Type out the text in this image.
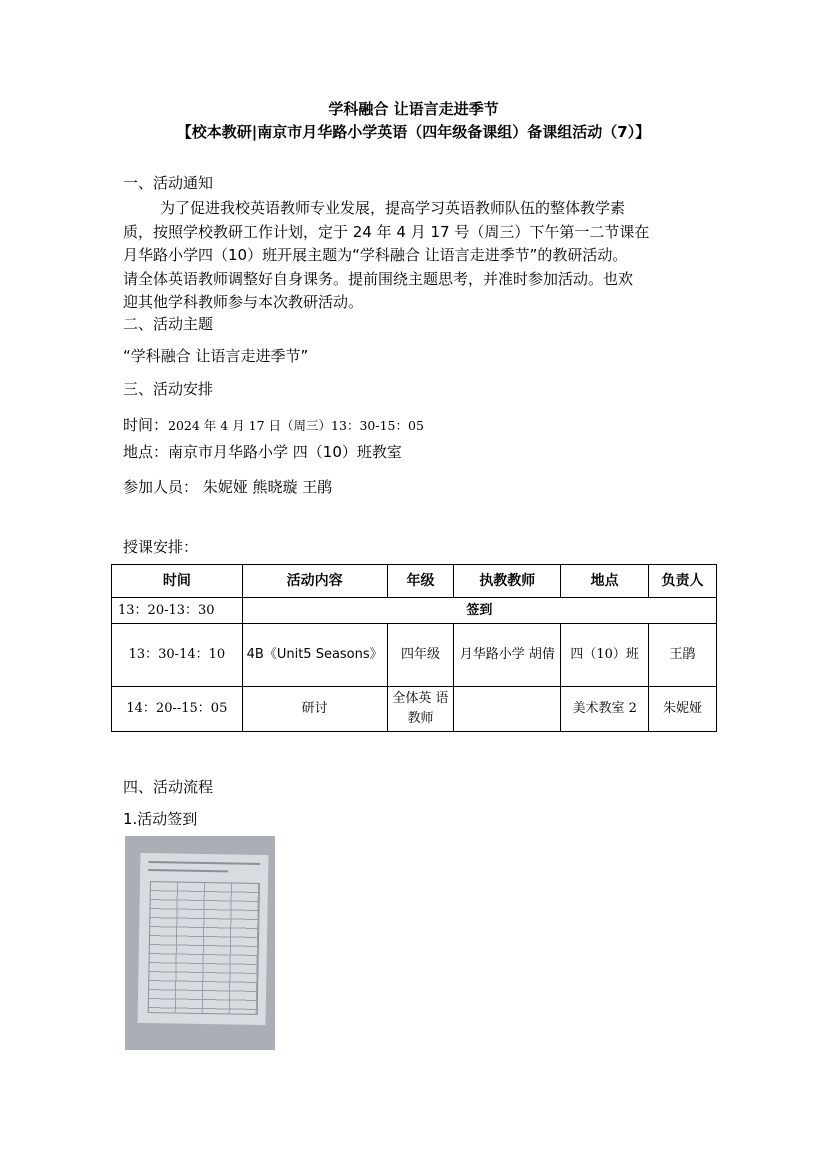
学科融合 让语言走进季节
【校本教研|南京市月华路小学英语（四年级备课组）备课组活动（7）】
一、活动通知

为了促进我校英语教师专业发展，提高学习英语教师队伍的整体教学素

质，按照学校教研工作计划，定于 24 年 4 月 17 号（周三）下午第一二节课在

月华路小学四（10）班开展主题为“学科融合 让语言走进季节”的教研活动。

请全体英语教师调整好自身课务。提前围绕主题思考，并准时参加活动。也欢

迎其他学科教师参与本次教研活动。

二、活动主题
“学科融合 让语言走进季节”
三、活动安排
时间：2024 年 4 月 17 日（周三）13：30-15：05
地点：南京市月华路小学 四（10）班教室
参加人员： 朱妮娅 熊晓璇 王鹃
授课安排：
时间	活动内容	年级	执教教师	地点	负责人
13：20-13：30	签到				
13：30-14：10	4B《Unit5 Seasons》	四年级	月华路小学 胡倩	四（10）班	王鹃
14：20--15：05	研讨	全体英 语教师		美术教室 2	朱妮娅
四、活动流程
1.活动签到
